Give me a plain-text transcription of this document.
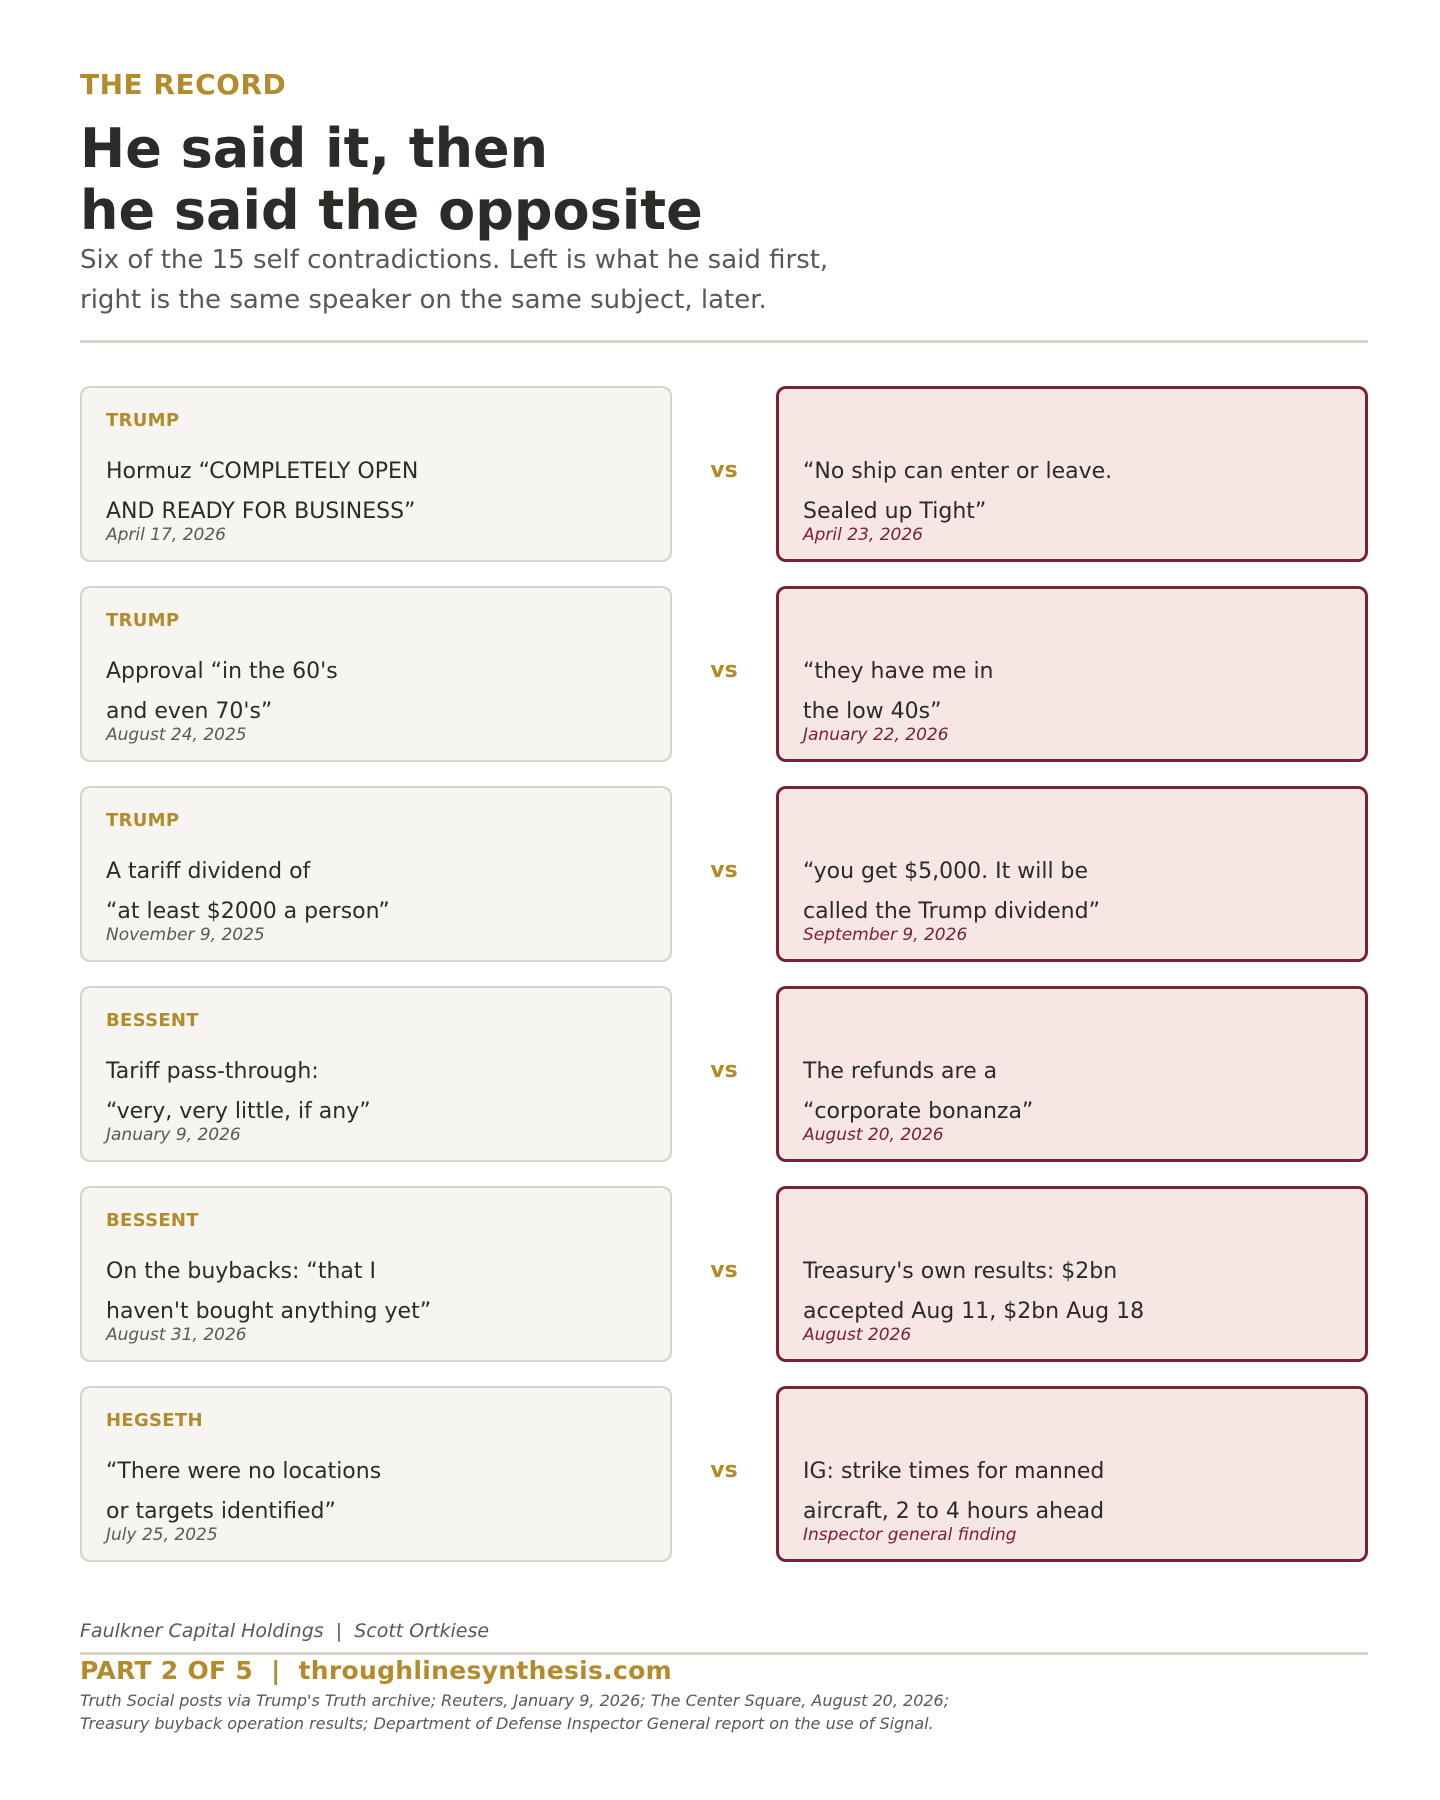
THE RECORD
He said it, then
he said the opposite
Six of the 15 self contradictions. Left is what he said first,
right is the same speaker on the same subject, later.
TRUMP
Hormuz “COMPLETELY OPEN
AND READY FOR BUSINESS”
April 17, 2026
vs	“No ship can enter or leave.
Sealed up Tight”
April 23, 2026
TRUMP
Approval “in the 60's
and even 70's”
August 24, 2025
vs	“they have me in
the low 40s”
January 22, 2026
TRUMP
A tariff dividend of
“at least $2000 a person”
November 9, 2025
vs	“you get $5,000. It will be
called the Trump dividend”
September 9, 2026
BESSENT
Tariff pass-through:
“very, very little, if any”
January 9, 2026
vs	The refunds are a
“corporate bonanza”
August 20, 2026
BESSENT
On the buybacks: “that I
haven't bought anything yet”
August 31, 2026
vs	Treasury's own results: $2bn
accepted Aug 11, $2bn Aug 18
August 2026
HEGSETH
“There were no locations
or targets identified”
July 25, 2025
vs	IG: strike times for manned
aircraft, 2 to 4 hours ahead
Inspector general finding
Faulkner Capital Holdings  |  Scott Ortkiese
PART 2 OF 5  |  throughlinesynthesis.com
Truth Social posts via Trump's Truth archive; Reuters, January 9, 2026; The Center Square, August 20, 2026;
Treasury buyback operation results; Department of Defense Inspector General report on the use of Signal.
